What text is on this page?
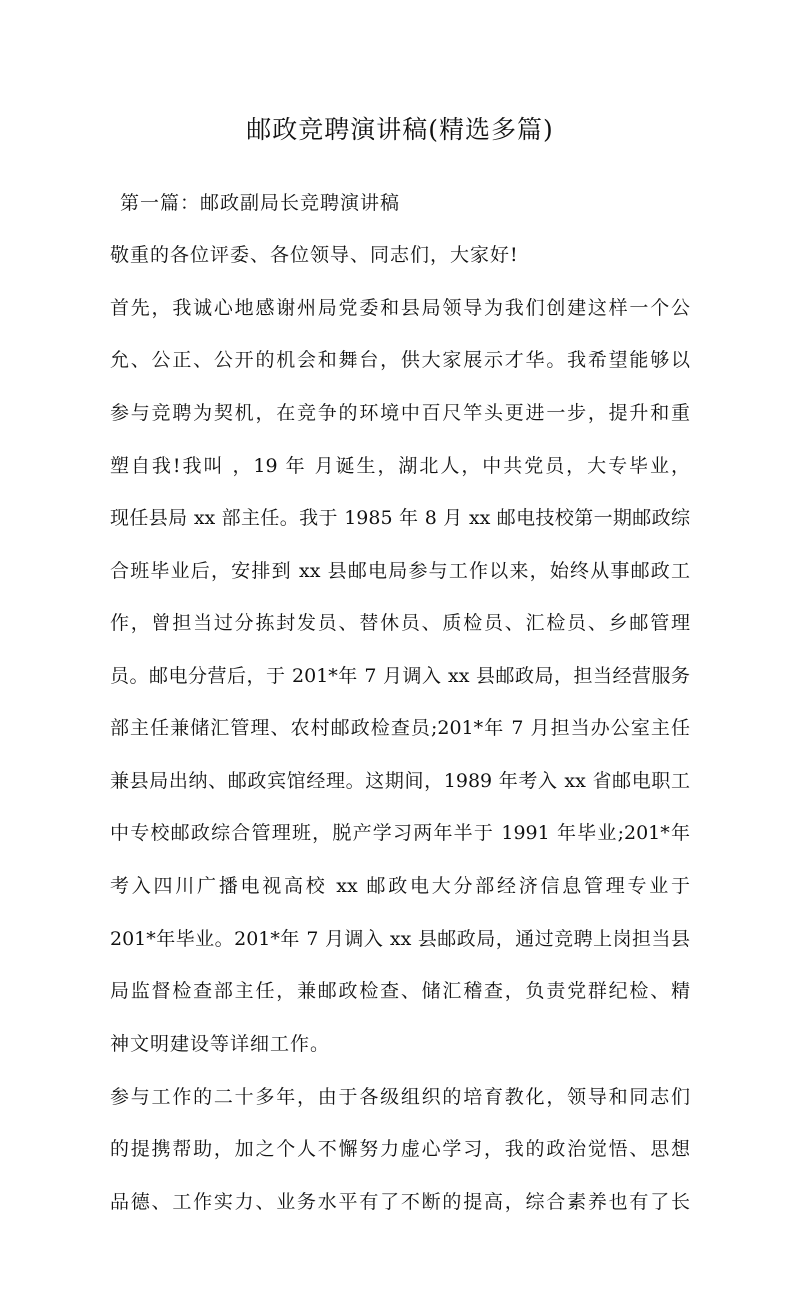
邮政竞聘演讲稿(精选多篇)
第一篇：邮政副局长竞聘演讲稿
敬重的各位评委、各位领导、同志们，大家好!
首先，我诚心地感谢州局党委和县局领导为我们创建这样一个公
允、公正、公开的机会和舞台，供大家展示才华。我希望能够以
参与竞聘为契机，在竞争的环境中百尺竿头更进一步，提升和重
塑自我!我叫 ，19 年 月诞生，湖北人，中共党员，大专毕业，
现任县局 xx 部主任。我于 1985 年 8 月 xx 邮电技校第一期邮政综
合班毕业后，安排到 xx 县邮电局参与工作以来，始终从事邮政工
作，曾担当过分拣封发员、替休员、质检员、汇检员、乡邮管理
员。邮电分营后，于 201*年 7 月调入 xx 县邮政局，担当经营服务
部主任兼储汇管理、农村邮政检查员;201*年 7 月担当办公室主任
兼县局出纳、邮政宾馆经理。这期间，1989 年考入 xx 省邮电职工
中专校邮政综合管理班，脱产学习两年半于 1991 年毕业;201*年
考入四川广播电视高校 xx 邮政电大分部经济信息管理专业于
201*年毕业。201*年 7 月调入 xx 县邮政局，通过竞聘上岗担当县
局监督检查部主任，兼邮政检查、储汇稽查，负责党群纪检、精
神文明建设等详细工作。
参与工作的二十多年，由于各级组织的培育教化，领导和同志们
的提携帮助，加之个人不懈努力虚心学习，我的政治觉悟、思想
品德、工作实力、业务水平有了不断的提高，综合素养也有了长
